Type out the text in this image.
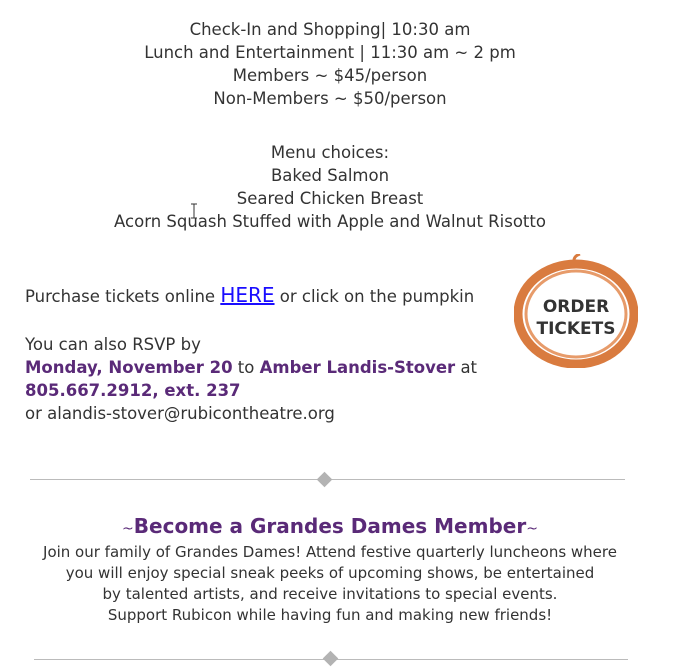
Check-In and Shopping| 10:30 am
Lunch and Entertainment | 11:30 am ~ 2 pm
Members ~ $45/person
Non-Members ~ $50/person
Menu choices:
Baked Salmon
Seared Chicken Breast
Acorn Squash Stuffed with Apple and Walnut Risotto
Purchase tickets online HERE or click on the pumpkin
ORDER
TICKETS
You can also RSVP by
Monday, November 20 to Amber Landis-Stover at
805.667.2912, ext. 237
or alandis-stover@rubicontheatre.org
~Become a Grandes Dames Member~
Join our family of Grandes Dames! Attend festive quarterly luncheons where
you will enjoy special sneak peeks of upcoming shows, be entertained
by talented artists, and receive invitations to special events.
Support Rubicon while having fun and making new friends!
